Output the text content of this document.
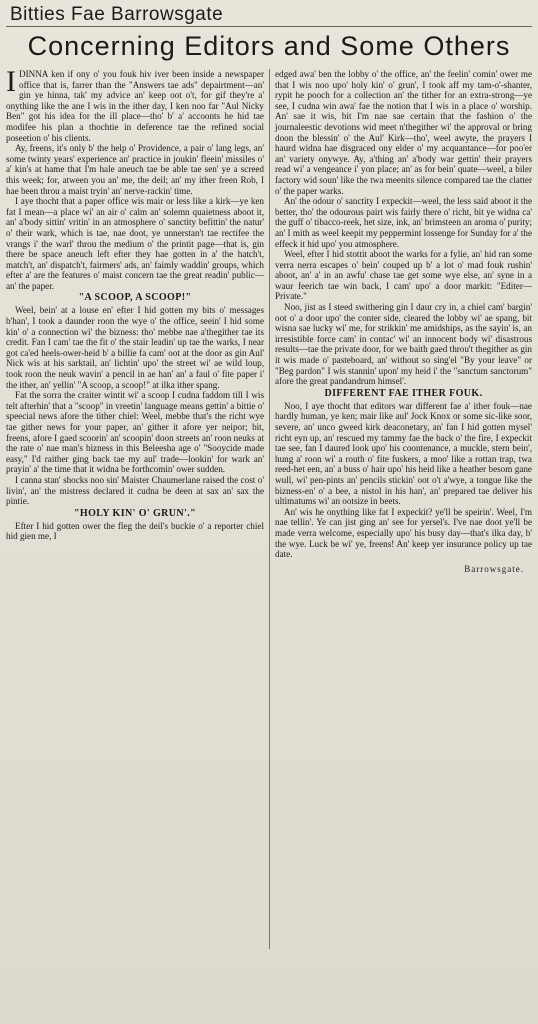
Bitties Fae Barrowsgate
Concerning Editors and Some Others

IDINNA ken if ony o' you fouk hiv iver been inside a newspaper office that is, farrer than the "Answers tae ads" depairtment—an' gin ye hinna, tak' my advice an' keep oot o't, for gif they're a' onything like the ane I wis in the ither day, I ken noo far "Aul Nicky Ben" got his idea for the ill place—tho' b' a' accoonts he hid tae modifee his plan a thochtie in deference tae the refined social poseetion o' his clients.

Ay, freens, it's only b' the help o' Providence, a pair o' lang legs, an' some twinty years' experience an' practice in joukin' fleein' missiles o' a' kin's at hame that I'm hale aneuch tae be able tae sen' ye a screed this week; for, atween you an' me, the deil; an' my ither freen Rob, I hae been throu a maist tryin' an' nerve-rackin' time.

I aye thocht that a paper office wis mair or less like a kirk—ye ken fat I mean—a place wi' an air o' calm an' solemn quaietness aboot it, an' a'body sittin' vritin' in an atmosphere o' sanctity befittin' the natur' o' their wark, which is tae, nae doot, ye unnerstan't tae rectifee the vrangs i' the warl' throu the medium o' the printit page—that is, gin there be space aneuch left efter they hae gotten in a' the hatch't, match't, an' dispatch't, fairmers' ads, an' faimly waddin' groups, which efter a' are the features o' maist concern tae the great readin' public—an' the paper.

"A SCOOP, A SCOOP!"

Weel, bein' at a louse en' efter I hid gotten my bits o' messages b'han', I took a daunder roon the wye o' the office, seein' I hid some kin' o' a connection wi' the bizness: tho' mebbe nae a'thegither tae its credit. Fan I cam' tae the fit o' the stair leadin' up tae the warks, I near got ca'ed heels-ower-heid b' a billie fa cam' oot at the door as gin Aul' Nick wis at his sarktail, an' lichtin' upo' the street wi' ae wild loup, took roon the neuk wavin' a pencil in ae han' an' a faul o' fite paper i' the ither, an' yellin' "A scoop, a scoop!" at ilka ither spang.

Fat the sorra the craiter wintit wi' a scoop I cudna faddom till I wis telt afterhin' that a "scoop" in vreetin' language means gettin' a bittie o' speecial news afore the tither chiel: Weel, mebbe that's the richt wye tae gither news for your paper, an' gither it afore yer neipor; bit, freens, afore I gaed scoorin' an' scoopin' doon streets an' roon neuks at the rate o' nae man's bizness in this Beleesha age o' "Sooycide made easy," I'd raither ging back tae my aul' trade—lookin' for wark an' prayin' a' the time that it widna be forthcomin' ower sudden.

I canna stan' shocks noo sin' Maister Chaumerlane raised the cost o' livin', an' the mistress declared it cudna be deen at sax an' sax the pintie.

"HOLY KIN' O' GRUN'."

Efter I hid gotten ower the fleg the deil's buckie o' a reporter chiel hid gien me, I

edged awa' ben the lobby o' the office, an' the feelin' comin' ower me that I wis noo upo' holy kin' o' grun', I took aff my tam-o'-shanter, rypit he pooch for a collection an' the tither for an extra-strong—ye see, I cudna win awa' fae the notion that I wis in a place o' worship. An' sae it wis, bit I'm nae sae certain that the fashion o' the journaleestic devotions wid meet n'thegither wi' the approval or bring doon the blessin' o' the Aul' Kirk—tho', weel awyte, the prayers I haurd widna hae disgraced ony elder o' my acquantance—for poo'er an' variety onywye. Ay, a'thing an' a'body war gettin' their prayers read wi' a vengeance i' yon place; an' as for bein' quate—weel, a biler factory wid soun' like the twa meenits silence compared tae the clatter o' the paper warks.

An' the odour o' sanctity I expeckit—weel, the less said aboot it the better, tho' the odourous pairt wis fairly there o' richt, bit ye widna ca' the guff o' tibacco-reek, het size, ink, an' brimsteen an aroma o' purity; an' I mith as weel keepit my peppermint lossenge for Sunday for a' the effeck it hid upo' you atmosphere.

Weel, efter I hid stottit aboot the warks for a fylie, an' hid ran some verra nerra escapes o' bein' couped up b' a lot o' mad fouk rushin' aboot, an' a' in an awfu' chase tae get some wye else, an' syne in a waur feerich tae win back, I cam' upo' a door markit: "Editer—Private."

Noo, jist as I steed swithering gin I daur cry in, a chiel cam' bargin' oot o' a door upo' the conter side, cleared the lobby wi' ae spang, bit wisna sae lucky wi' me, for strikkin' me amidships, as the sayin' is, an irresistible force cam' in contac' wi' an innocent body wi' disastrous results—tae the private door, for we baith gaed throu't thegither as gin it wis made o' pasteboard, an' without so sing'el "By your leave" or "Beg pardon" I wis stannin' upon' my heid i' the "sanctum sanctorum" afore the great pandandrum himsel'.

DIFFERENT FAE ITHER FOUK.

Noo, I aye thocht that editors war different fae a' ither fouk—nae hardly human, ye ken; mair like aul' Jock Knox or some sic-like soor, severe, an' unco gweed kirk deaconetary, an' fan I hid gotten mysel' richt eyn up, an' rescued my tammy fae the back o' the fire, I expeckit tae see, fan I daured look upo' his coontenance, a muckle, stern bein', hung a' roon wi' a routh o' fite fuskers, a moo' like a rottan trap, twa reed-het een, an' a buss o' hair upo' his heid like a heather besom gane wull, wi' pen-pints an' pencils stickin' oot o't a'wye, a tongue like the bizness-en' o' a bee, a nistol in his han', an' prepared tae deliver his ultimatums wi' an ootsize in beets.

An' wis he onything like fat I expeckit? ye'll be speirin'. Weel, I'm nae tellin'. Ye can jist ging an' see for yersel's. I've nae doot ye'll be made verra welcome, especially upo' his busy day—that's ilka day, b' the wye. Luck be wi' ye, freens! An' keep yer insurance policy up tae date.

Barrowsgate.
